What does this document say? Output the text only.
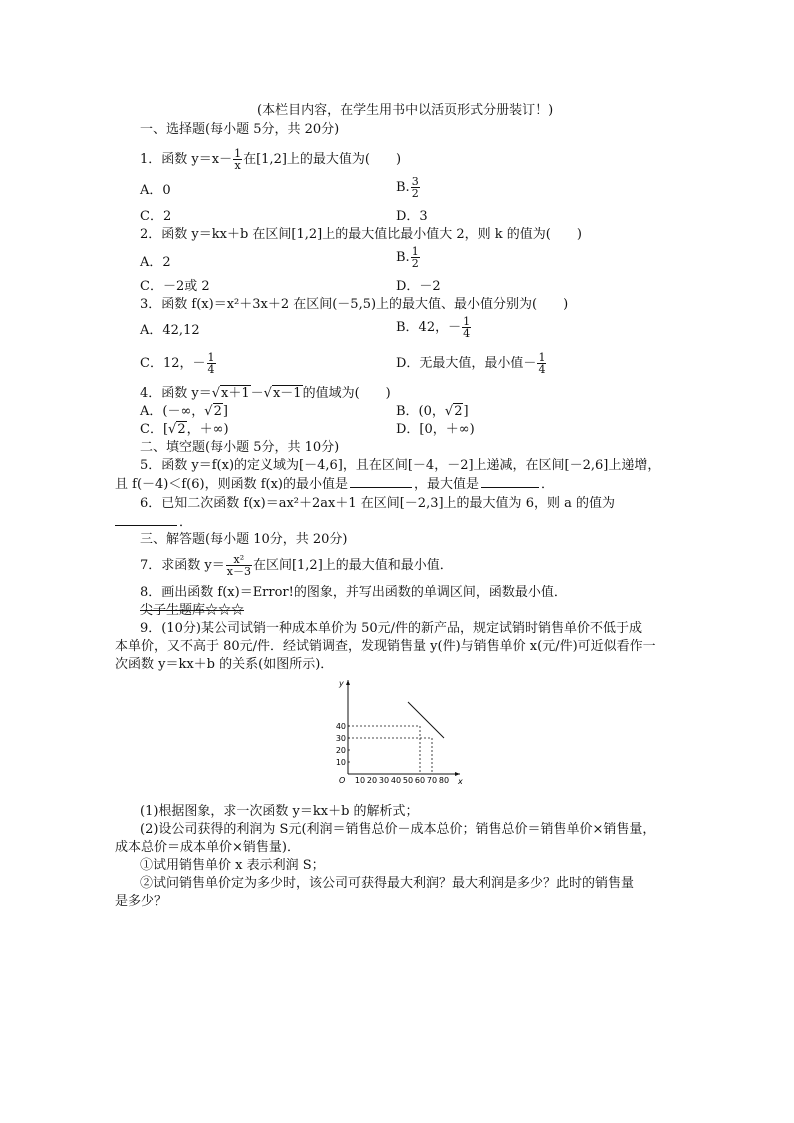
(本栏目内容，在学生用书中以活页形式分册装订！)
一、选择题(每小题 5分，共 20分)
1．函数 $y=x- \frac{1}{x}$ 在[1,2]上的最大值为(　　)
A．0	B. $\frac{3}{2}$
C．2	D．3
2．函数 y＝kx＋b 在区间[1,2]上的最大值比最小值大 2，则 k 的值为(　　)
A．2	B. $\frac{1}{2}$
C．－2或 2	D．－2
3．函数 f(x)＝x²＋3x＋2 在区间(－5,5)上的最大值、最小值分别为(　　)
A．42,12	B．42，－ $\frac{1}{4}$
C．12，－ $\frac{1}{4}$	D．无最大值，最小值－ $\frac{1}{4}$
4．函数 y＝√x＋1－√x－1的值域为(　　)
A．(－∞，√2]	B．(0，√2]
C．[√2，＋∞)	D．[0，＋∞)
二、填空题(每小题 5分，共 10分)
5．函数 y＝f(x)的定义域为[－4,6]，且在区间[－4，－2]上递减，在区间[－2,6]上递增，
且 f(－4)＜f(6)，则函数 f(x)的最小值是	，最大值是	．
6．已知二次函数 f(x)＝ax²＋2ax＋1 在区间[－2,3]上的最大值为 6，则 a 的值为
．
三、解答题(每小题 10分，共 20分)
7．求函数 $y= \frac{\text{x²}}{x-3}$ 在区间[1,2]上的最大值和最小值．
8．画出函数 f(x)＝Error!的图象，并写出函数的单调区间，函数最小值．
尖子生题库☆☆☆
9．(10分)某公司试销一种成本单价为 50元/件的新产品，规定试销时销售单价不低于成
本单价，又不高于 80元/件．经试销调查，发现销售量 y(件)与销售单价 x(元/件)可近似看作一
次函数 y＝kx＋b 的关系(如图所示)．
x
y
O 10 20 30 40 50 60 70 80
10
20
30
40
(1)根据图象，求一次函数 y＝kx＋b 的解析式；
(2)设公司获得的利润为 S元(利润＝销售总价－成本总价；销售总价＝销售单价×销售量，
成本总价＝成本单价×销售量)．
①试用销售单价 x 表示利润 S；
②试问销售单价定为多少时，该公司可获得最大利润？最大利润是多少？此时的销售量
是多少？
